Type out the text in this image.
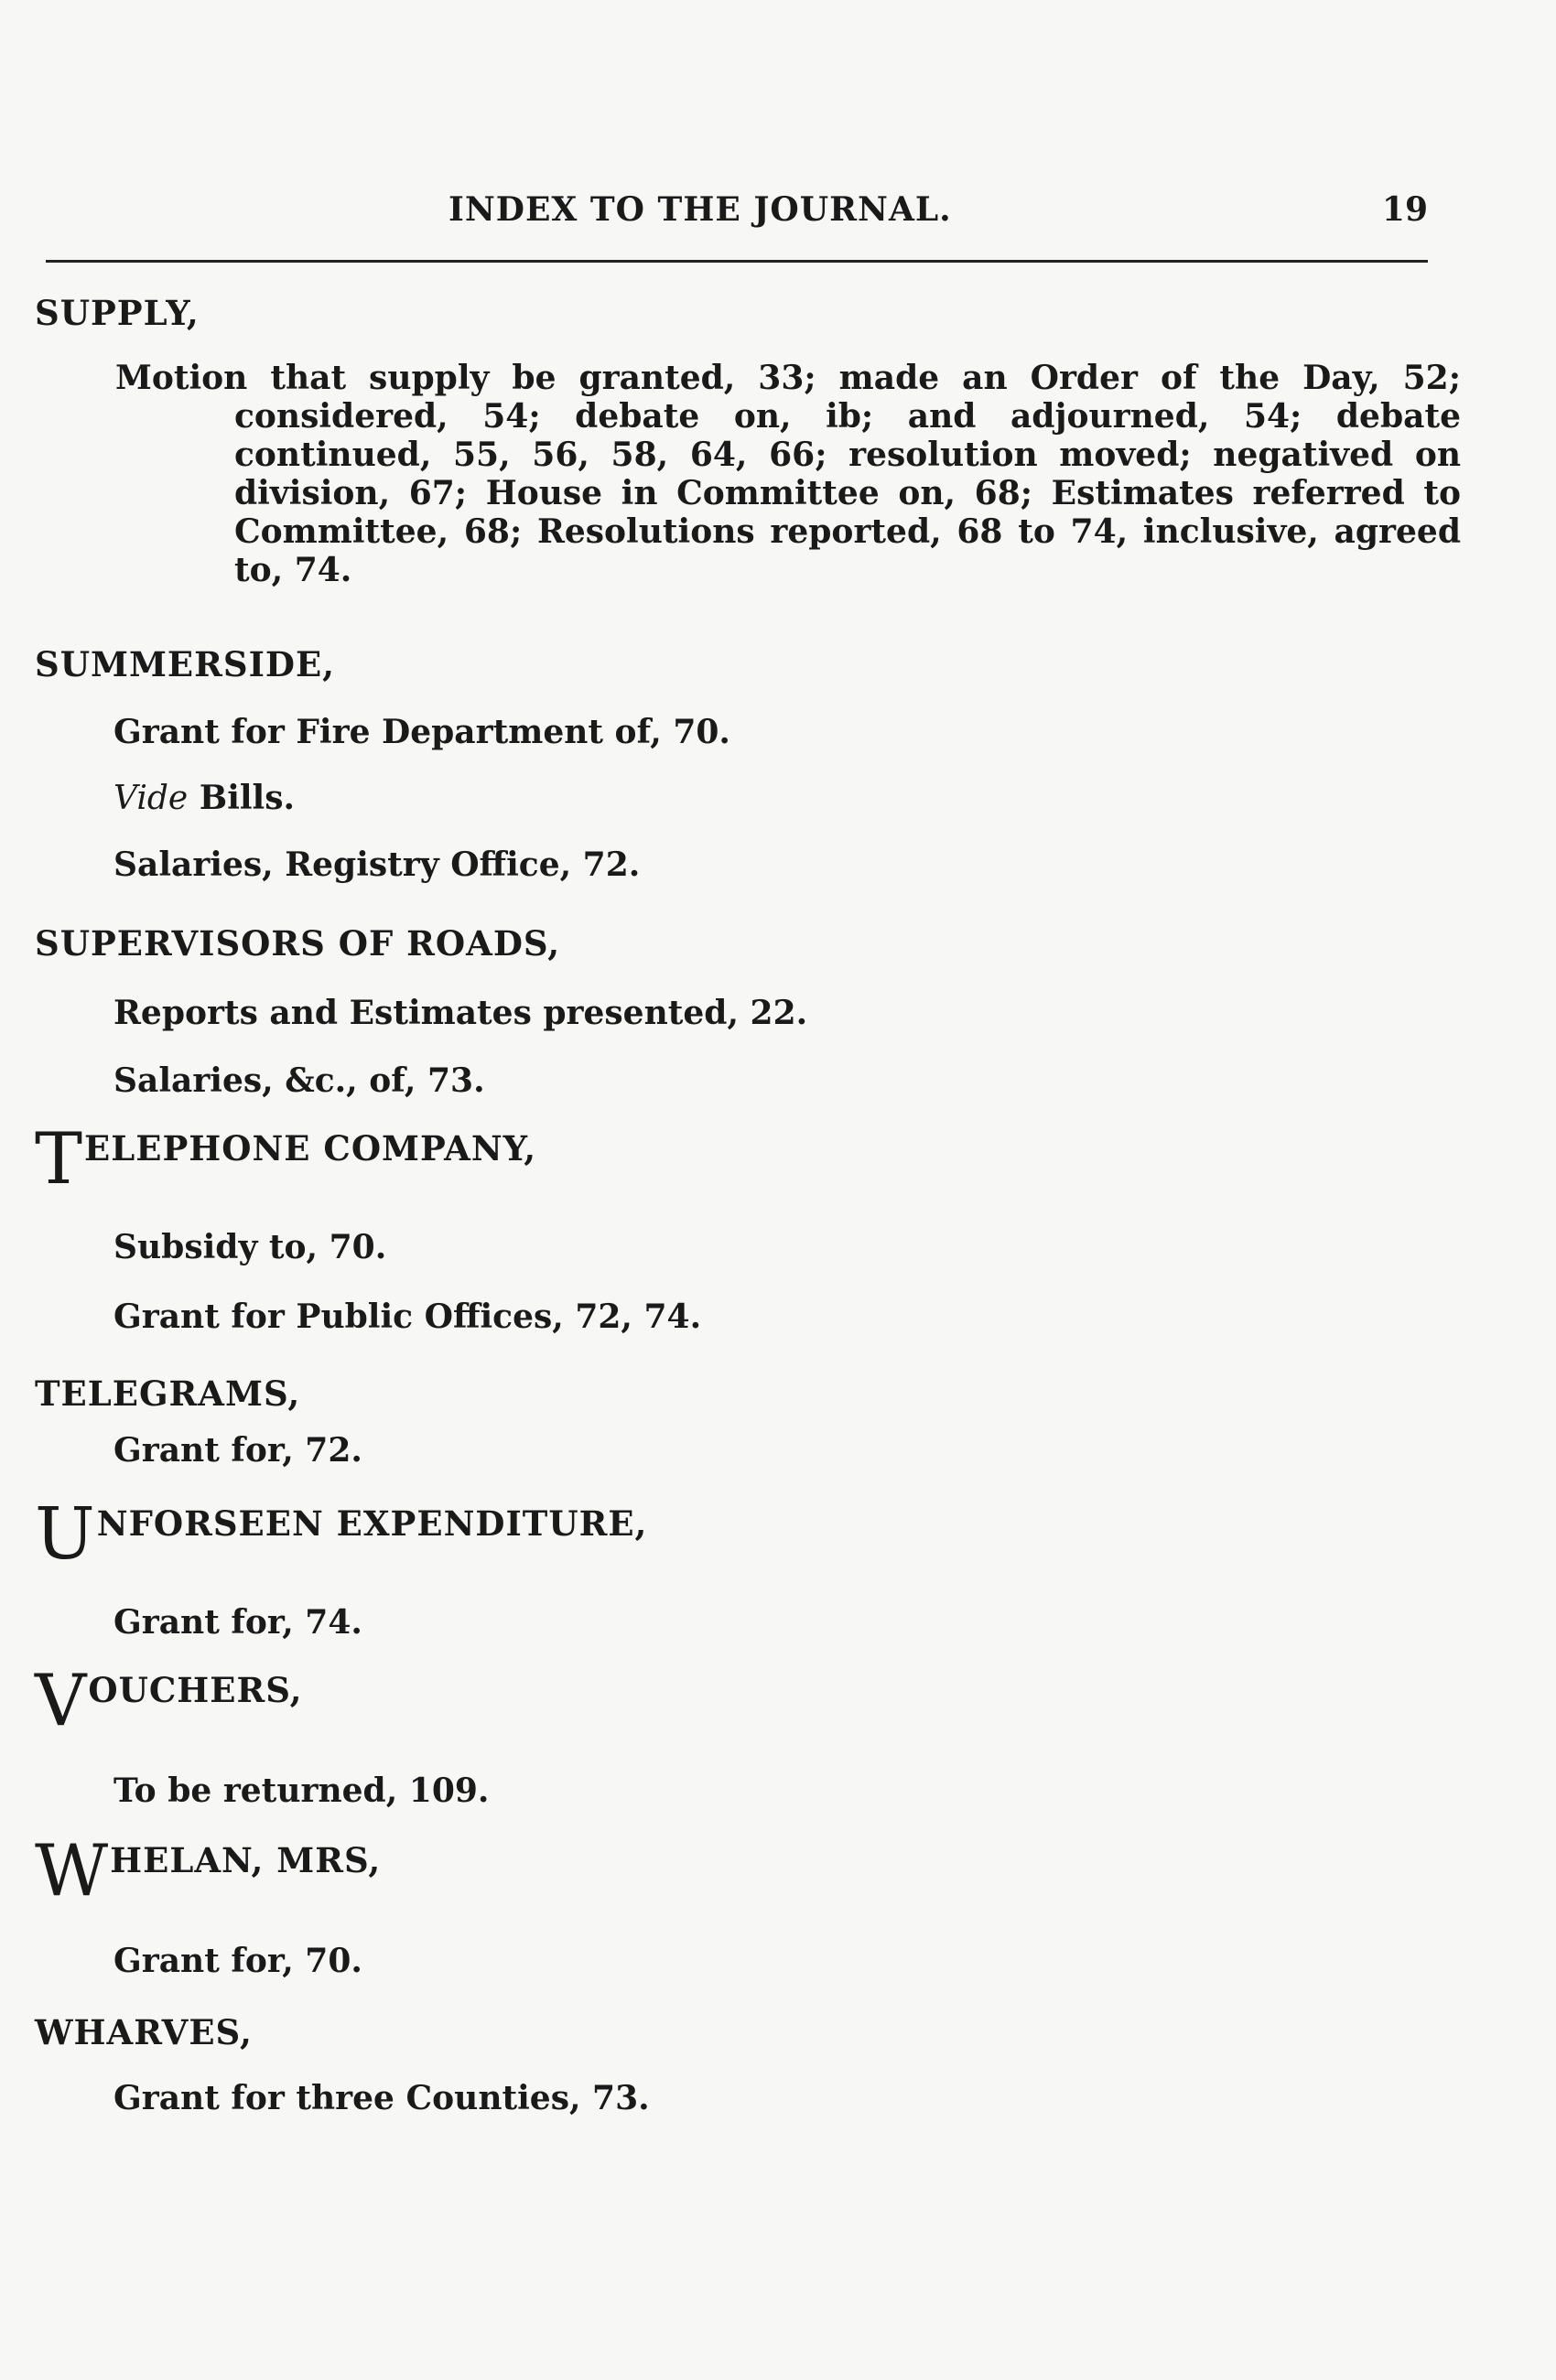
INDEX TO THE JOURNAL.	19

SUPPLY,

Motion that supply be granted, 33; made an Order of the Day, 52; considered, 54; debate on, ib; and adjourned, 54; debate continued, 55, 56, 58, 64, 66; resolution moved; negatived on division, 67; House in Committee on, 68; Estimates referred to Committee, 68; Resolutions reported, 68 to 74, inclusive, agreed to, 74.

SUMMERSIDE,

Grant for Fire Department of, 70.

Vide Bills.

Salaries, Registry Office, 72.

SUPERVISORS OF ROADS,

Reports and Estimates presented, 22.

Salaries, &c., of, 73.

T ELEPHONE COMPANY,

Subsidy to, 70.

Grant for Public Offices, 72, 74.

TELEGRAMS,

Grant for, 72.

U NFORSEEN EXPENDITURE,

Grant for, 74.

V OUCHERS,

To be returned, 109.

W HELAN, MRS,

Grant for, 70.

WHARVES,

Grant for three Counties, 73.
